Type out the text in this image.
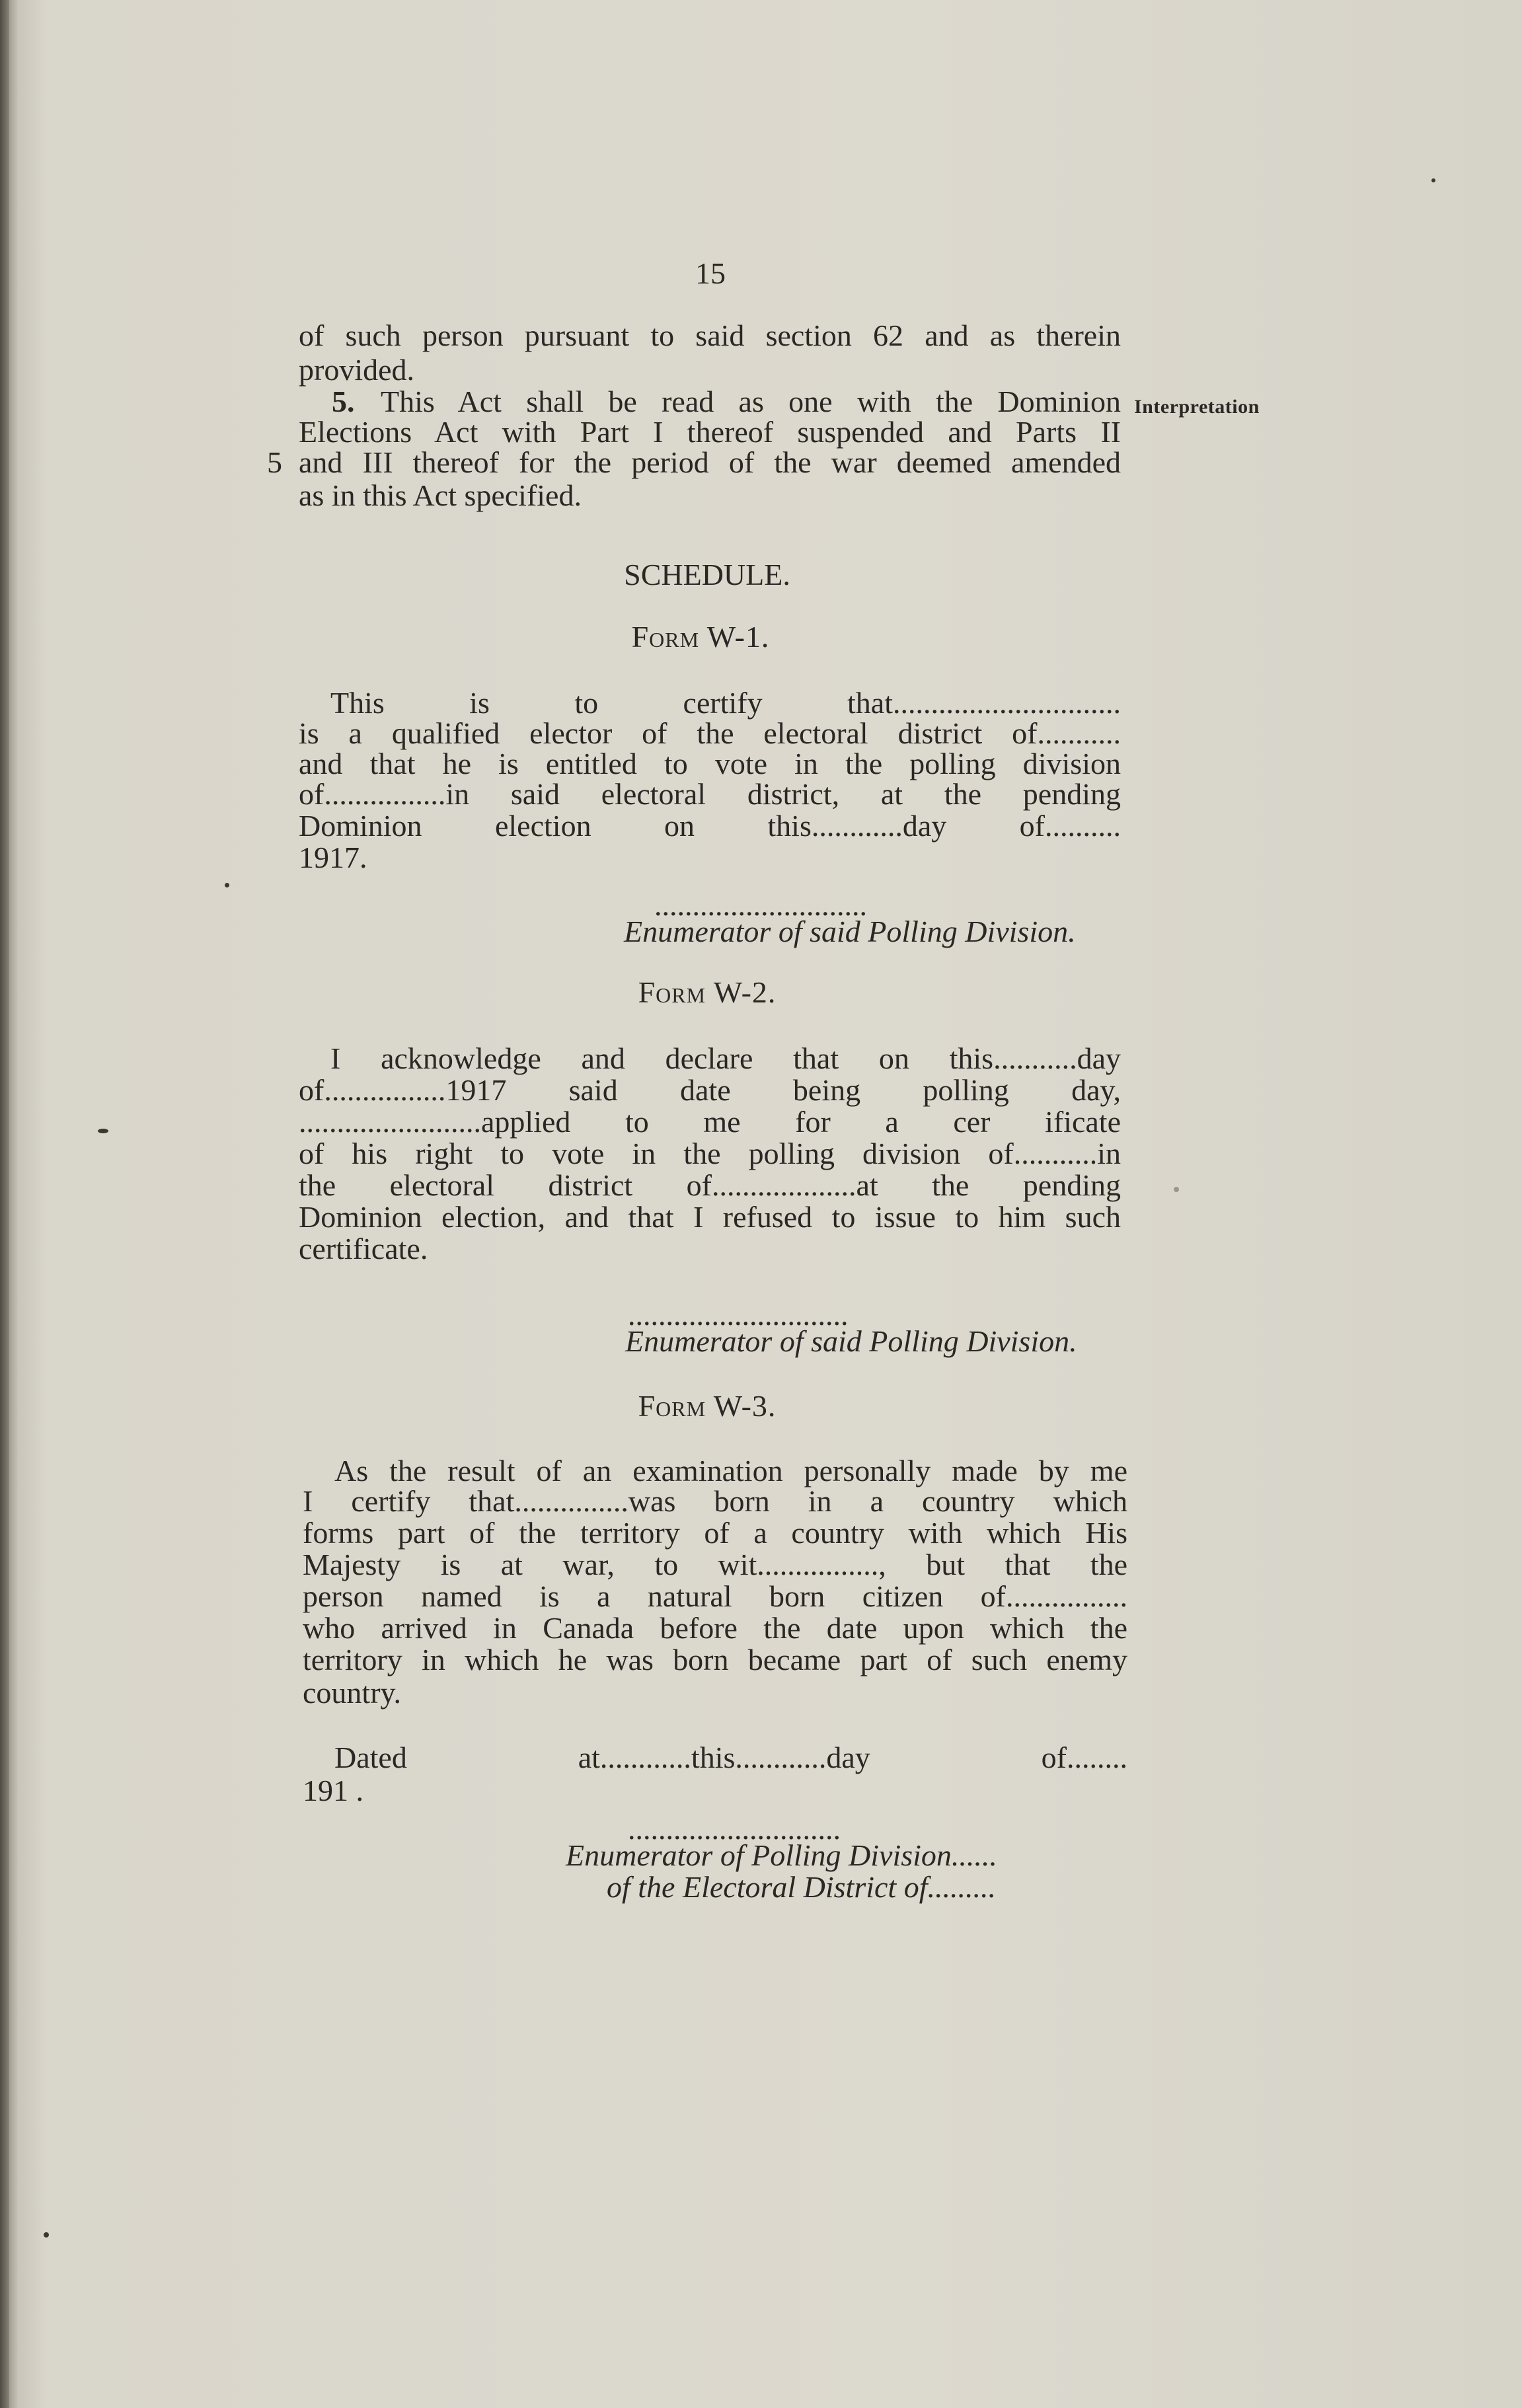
15
of such person pursuant to said section 62 and as therein
provided.
5. This Act shall be read as one with the Dominion Interpretation
Elections Act with Part I thereof suspended and Parts II
5 and III thereof for the period of the war deemed amended
as in this Act specified.
SCHEDULE.
Form W-1.
This is to certify that..............................
is a qualified elector of the electoral district of...........
and that he is entitled to vote in the polling division
of................in said electoral district, at the pending
Dominion election on this............day of..........
1917.
............................
Enumerator of said Polling Division.
Form W-2.
I acknowledge and declare that on this...........day
of................1917 said date being polling day,
........................applied to me for a cer ificate
of his right to vote in the polling division of...........in
the electoral district of...................at the pending
Dominion election, and that I refused to issue to him such
certificate.
.............................
Enumerator of said Polling Division.
Form W-3.
As the result of an examination personally made by me
I certify that...............was born in a country which
forms part of the territory of a country with which His
Majesty is at war, to wit................, but that the
person named is a natural born citizen of................
who arrived in Canada before the date upon which the
territory in which he was born became part of such enemy
country.
Dated at............this............day of........
191 .
............................
Enumerator of Polling Division......
of the Electoral District of.........
